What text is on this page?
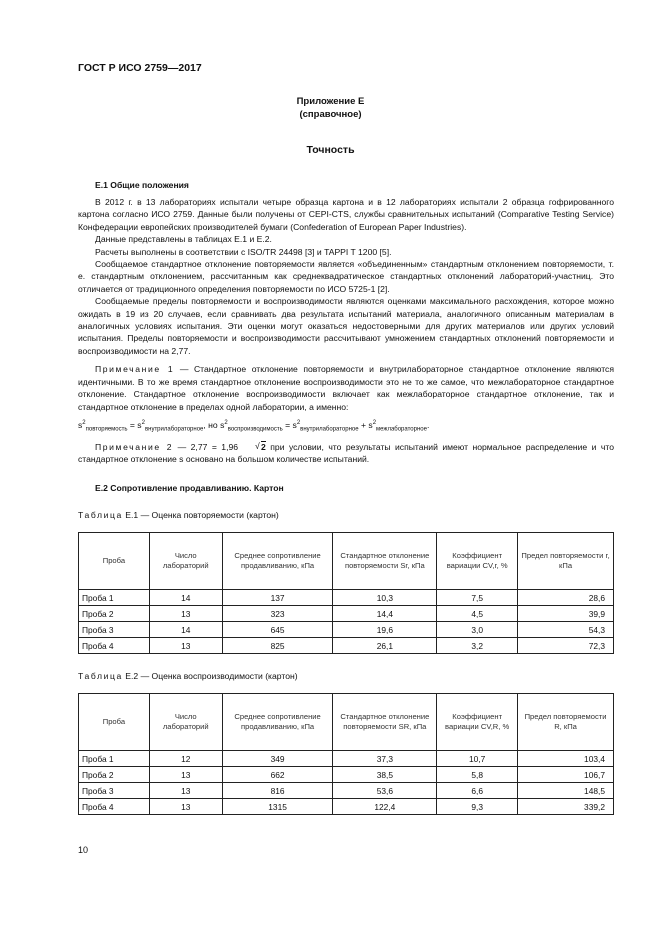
ГОСТ Р ИСО 2759—2017
Приложение Е
(справочное)
Точность
Е.1 Общие положения

В 2012 г. в 13 лабораториях испытали четыре образца картона и в 12 лабораториях испытали 2 образца гофрированного картона согласно ИСО 2759. Данные были получены от CEPI-CTS, службы сравнительных испытаний (Comparative Testing Service) Конфедерации европейских производителей бумаги (Confederation of European Paper Industries).

Данные представлены в таблицах Е.1 и Е.2.

Расчеты выполнены в соответствии с ISO/TR 24498 [3] и TAPPI T 1200 [5].

Сообщаемое стандартное отклонение повторяемости является «объединенным» стандартным отклонением повторяемости, т. е. стандартным отклонением, рассчитанным как среднеквадратическое стандартных отклонений лабораторий-участниц. Это отличается от традиционного определения повторяемости по ИСО 5725-1 [2].

Сообщаемые пределы повторяемости и воспроизводимости являются оценками максимального расхождения, которое можно ожидать в 19 из 20 случаев, если сравнивать два результата испытаний материала, аналогичного описанным материалам в аналогичных условиях испытания. Эти оценки могут оказаться недостоверными для других материалов или других условий испытания. Пределы повторяемости и воспроизводимости рассчитывают умножением стандартных отклонений повторяемости и воспроизводимости на 2,77.

Примечание 1 — Стандартное отклонение повторяемости и внутрилабораторное стандартное отклонение являются идентичными. В то же время стандартное отклонение воспроизводимости это не то же самое, что межлабораторное стандартное отклонение. Стандартное отклонение воспроизводимости включает как межлабораторное стандартное отклонение, так и стандартное отклонение в пределах одной лаборатории, а именно:

$s^2_{повторяемость} = s^2_{внутрилабораторное}$, но $s^2_{воспроизводимость} = s^2_{внутрилабораторное} + s^2_{межлабораторное}$.

Примечание 2 — 2,77 = 1,96	√ 2 при условии, что результаты испытаний имеют нормальное распределение и что стандартное отклонение s основано на большом количестве испытаний.

Е.2 Сопротивление продавливанию. Картон
Таблица Е.1 — Оценка повторяемости (картон)
Проба	Число лабораторий	Среднее сопротивление продавливанию, кПа	Стандартное отклонение повторяемости Sr, кПа	Коэффициент вариации CV,r, %	Предел повторяемости r, кПа
Проба 1	14	137	10,3	7,5	28,6
Проба 2	13	323	14,4	4,5	39,9
Проба 3	14	645	19,6	3,0	54,3
Проба 4	13	825	26,1	3,2	72,3
Таблица Е.2 — Оценка воспроизводимости (картон)
Проба	Число лабораторий	Среднее сопротивление продавливанию, кПа	Стандартное отклонение повторяемости SR, кПа	Коэффициент вариации CV,R, %	Предел повторяемости R, кПа
Проба 1	12	349	37,3	10,7	103,4
Проба 2	13	662	38,5	5,8	106,7
Проба 3	13	816	53,6	6,6	148,5
Проба 4	13	1315	122,4	9,3	339,2
10
